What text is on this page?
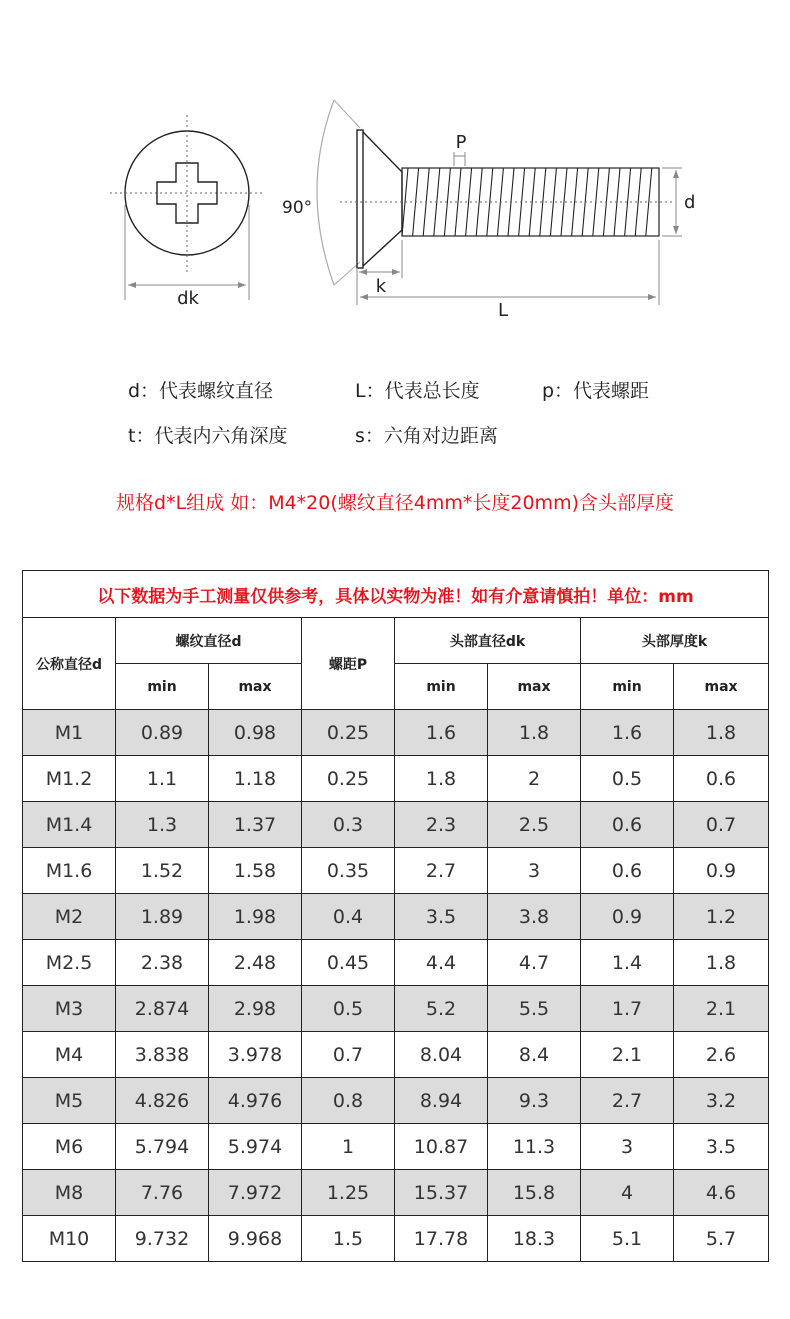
dk
90°
P
d
k
L
d：代表螺纹直径	L：代表总长度	p：代表螺距
t：代表内六角深度	s：六角对边距离
规格d*L组成 如：M4*20(螺纹直径4mm*长度20mm)含头部厚度
以下数据为手工测量仅供参考，具体以实物为准！如有介意请慎拍！单位：mm							
公称直径d	螺纹直径d		螺距P	头部直径dk		头部厚度k	
	min	max		min	max	min	max
M1	0.89	0.98	0.25	1.6	1.8	1.6	1.8
M1.2	1.1	1.18	0.25	1.8	2	0.5	0.6
M1.4	1.3	1.37	0.3	2.3	2.5	0.6	0.7
M1.6	1.52	1.58	0.35	2.7	3	0.6	0.9
M2	1.89	1.98	0.4	3.5	3.8	0.9	1.2
M2.5	2.38	2.48	0.45	4.4	4.7	1.4	1.8
M3	2.874	2.98	0.5	5.2	5.5	1.7	2.1
M4	3.838	3.978	0.7	8.04	8.4	2.1	2.6
M5	4.826	4.976	0.8	8.94	9.3	2.7	3.2
M6	5.794	5.974	1	10.87	11.3	3	3.5
M8	7.76	7.972	1.25	15.37	15.8	4	4.6
M10	9.732	9.968	1.5	17.78	18.3	5.1	5.7
